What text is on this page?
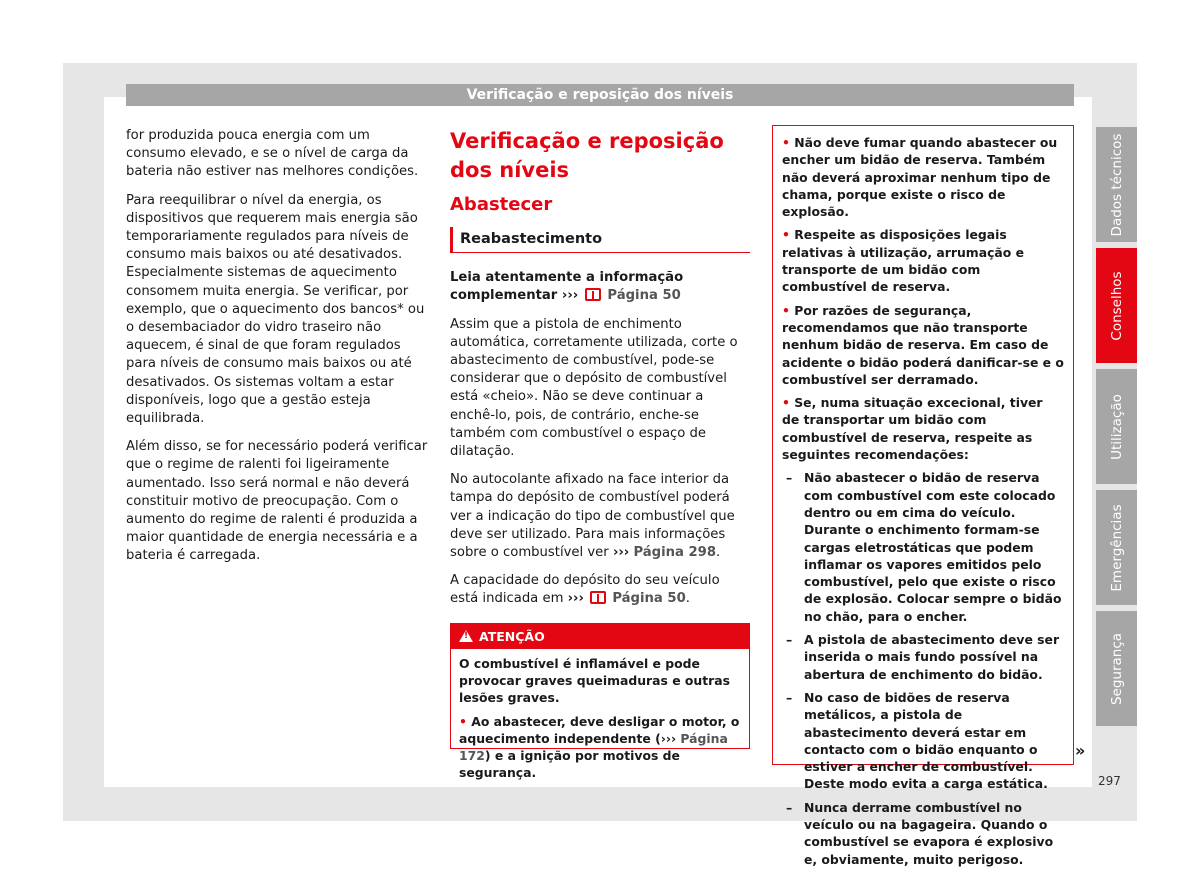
Verificação e reposição dos níveis

for produzida pouca energia com um consumo elevado, e se o nível de carga da bateria não estiver nas melhores condições.

Para reequilibrar o nível da energia, os dispositivos que requerem mais energia são temporariamente regulados para níveis de consumo mais baixos ou até desativados. Especialmente sistemas de aquecimento consomem muita energia. Se verificar, por exemplo, que o aquecimento dos bancos* ou o desembaciador do vidro traseiro não aquecem, é sinal de que foram regulados para níveis de consumo mais baixos ou até desativados. Os sistemas voltam a estar disponíveis, logo que a gestão esteja equilibrada.

Além disso, se for necessário poderá verificar que o regime de ralenti foi ligeiramente aumentado. Isso será normal e não deverá constituir motivo de preocupação. Com o aumento do regime de ralenti é produzida a maior quantidade de energia necessária e a bateria é carregada.

Verificação e reposição dos níveis
Abastecer
Reabastecimento

Leia atentamente a informação complementar ››› Página 50

Assim que a pistola de enchimento automática, corretamente utilizada, corte o abastecimento de combustível, pode-se considerar que o depósito de combustível está «cheio». Não se deve continuar a enchê-lo, pois, de contrário, enche-se também com combustível o espaço de dilatação.

No autocolante afixado na face interior da tampa do depósito de combustível poderá ver a indicação do tipo de combustível que deve ser utilizado. Para mais informações sobre o combustível ver ››› Página 298.

A capacidade do depósito do seu veículo está indicada em ››› Página 50.

! ATENÇÃO

O combustível é inflamável e pode provocar graves queimaduras e outras lesões graves.

• Ao abastecer, deve desligar o motor, o aquecimento independente (››› Página 172) e a ignição por motivos de segurança.

• Não deve fumar quando abastecer ou encher um bidão de reserva. Também não deverá aproximar nenhum tipo de chama, porque existe o risco de explosão.

• Respeite as disposições legais relativas à utilização, arrumação e transporte de um bidão com combustível de reserva.

• Por razões de segurança, recomendamos que não transporte nenhum bidão de reserva. Em caso de acidente o bidão poderá danificar-se e o combustível ser derramado.

• Se, numa situação excecional, tiver de transportar um bidão com combustível de reserva, respeite as seguintes recomendações:

– Não abastecer o bidão de reserva com combustível com este colocado dentro ou em cima do veículo. Durante o enchimento formam-se cargas eletrostáticas que podem inflamar os vapores emitidos pelo combustível, pelo que existe o risco de explosão. Colocar sempre o bidão no chão, para o encher.
– A pistola de abastecimento deve ser inserida o mais fundo possível na abertura de enchimento do bidão.
– No caso de bidões de reserva metálicos, a pistola de abastecimento deverá estar em contacto com o bidão enquanto o estiver a encher de combustível. Deste modo evita a carga estática.
– Nunca derrame combustível no veículo ou na bagageira. Quando o combustível se evapora é explosivo e, obviamente, muito perigoso.
»
297
Dados técnicos
Conselhos
Utilização
Emergências
Segurança
